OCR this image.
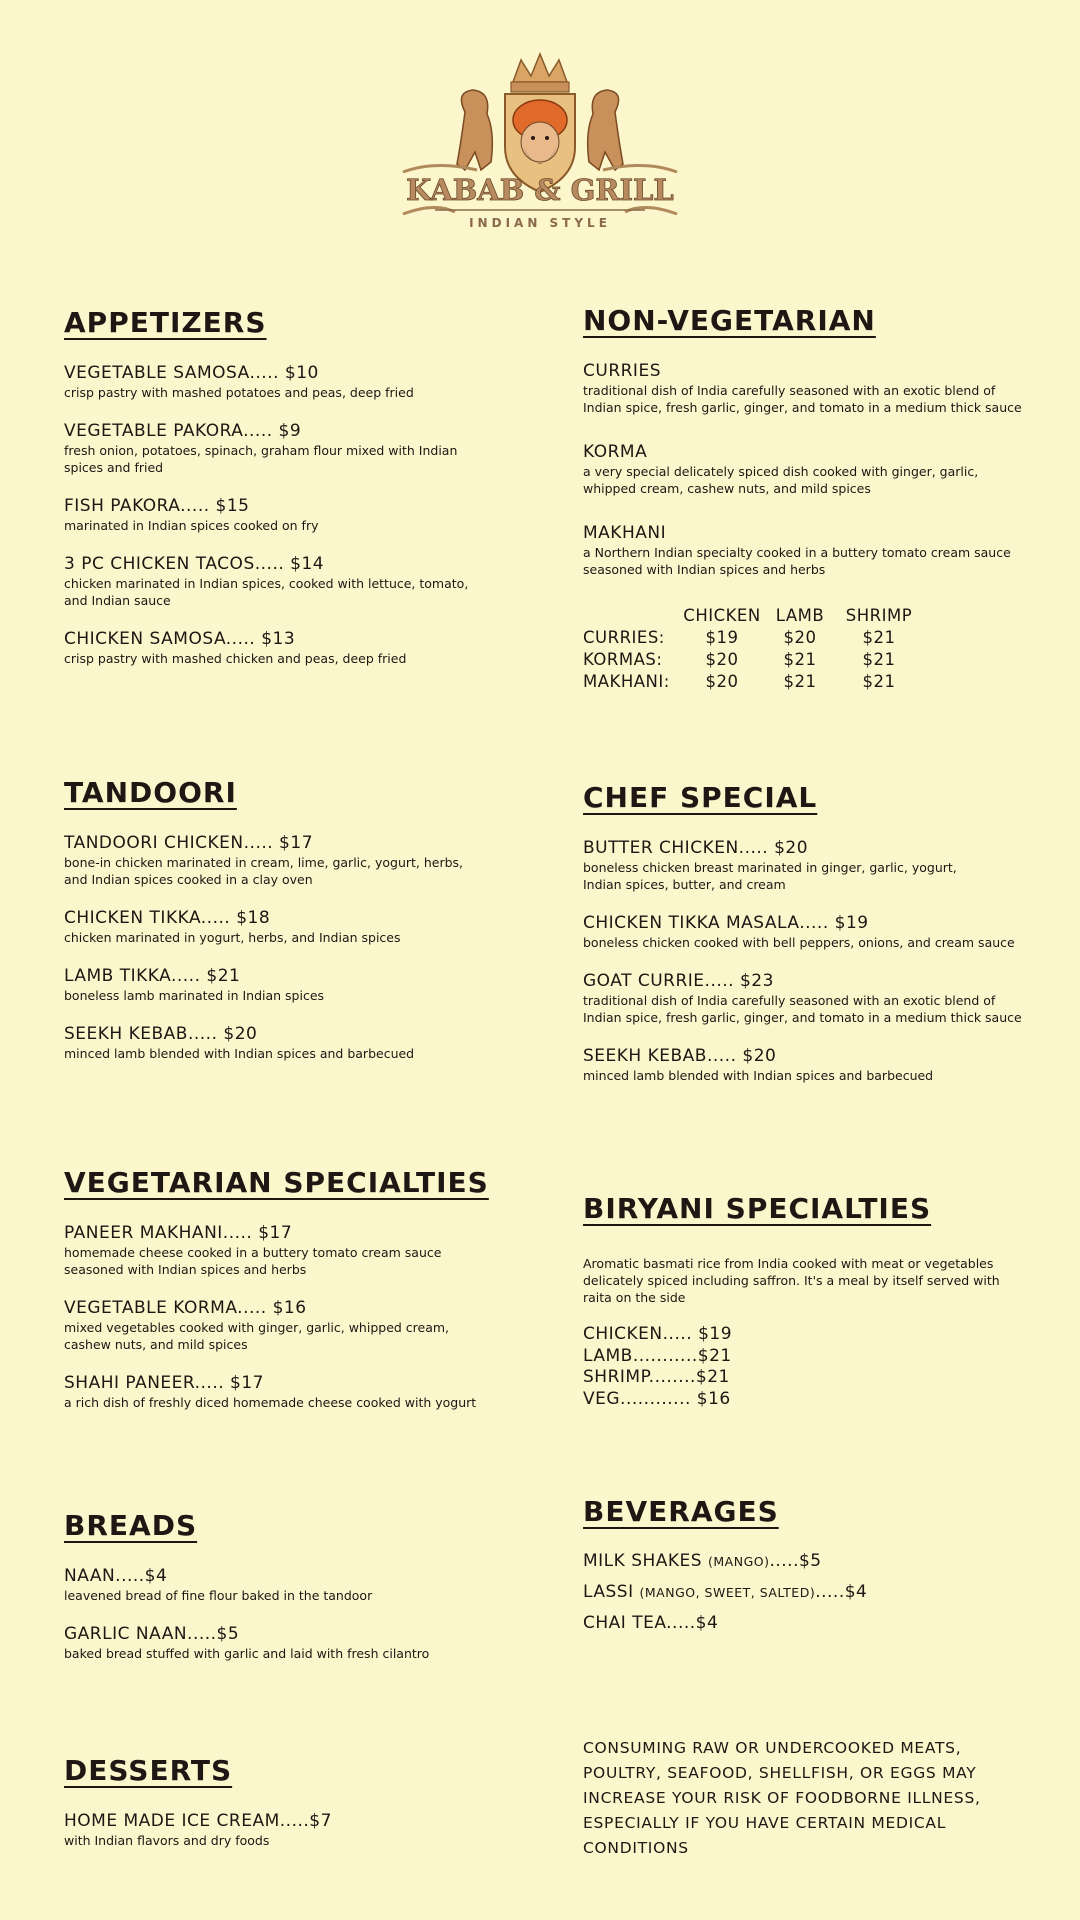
KABAB & GRILL
INDIAN STYLE
APPETIZERS
VEGETABLE SAMOSA..... $10
crisp pastry with mashed potatoes and peas, deep fried
VEGETABLE PAKORA..... $9
fresh onion, potatoes, spinach, graham flour mixed with Indian spices and fried
FISH PAKORA..... $15
marinated in Indian spices cooked on fry
3 PC CHICKEN TACOS..... $14
chicken marinated in Indian spices, cooked with lettuce, tomato, and Indian sauce
CHICKEN SAMOSA..... $13
crisp pastry with mashed chicken and peas, deep fried
NON-VEGETARIAN
CURRIES
traditional dish of India carefully seasoned with an exotic blend of Indian spice, fresh garlic, ginger, and tomato in a medium thick sauce
KORMA
a very special delicately spiced dish cooked with ginger, garlic, whipped cream, cashew nuts, and mild spices
MAKHANI
a Northern Indian specialty cooked in a buttery tomato cream sauce seasoned with Indian spices and herbs
	CHICKEN	LAMB	SHRIMP
CURRIES:	$19	$20	$21
KORMAS:	$20	$21	$21
MAKHANI:	$20	$21	$21
TANDOORI
TANDOORI CHICKEN..... $17
bone-in chicken marinated in cream, lime, garlic, yogurt, herbs, and Indian spices cooked in a clay oven
CHICKEN TIKKA..... $18
chicken marinated in yogurt, herbs, and Indian spices
LAMB TIKKA..... $21
boneless lamb marinated in Indian spices
SEEKH KEBAB..... $20
minced lamb blended with Indian spices and barbecued
CHEF SPECIAL
BUTTER CHICKEN..... $20
boneless chicken breast marinated in ginger, garlic, yogurt, Indian spices, butter, and cream
CHICKEN TIKKA MASALA..... $19
boneless chicken cooked with bell peppers, onions, and cream sauce
GOAT CURRIE..... $23
traditional dish of India carefully seasoned with an exotic blend of Indian spice, fresh garlic, ginger, and tomato in a medium thick sauce
SEEKH KEBAB..... $20
minced lamb blended with Indian spices and barbecued
VEGETARIAN SPECIALTIES
PANEER MAKHANI..... $17
homemade cheese cooked in a buttery tomato cream sauce seasoned with Indian spices and herbs
VEGETABLE KORMA..... $16
mixed vegetables cooked with ginger, garlic, whipped cream, cashew nuts, and mild spices
SHAHI PANEER..... $17
a rich dish of freshly diced homemade cheese cooked with yogurt
BIRYANI SPECIALTIES
Aromatic basmati rice from India cooked with meat or vegetables delicately spiced including saffron. It's a meal by itself served with raita on the side
CHICKEN..... $19
LAMB...........$21
SHRIMP........$21
VEG............ $16
BREADS
NAAN.....$4
leavened bread of fine flour baked in the tandoor
GARLIC NAAN.....$5
baked bread stuffed with garlic and laid with fresh cilantro
BEVERAGES
MILK SHAKES (MANGO).....$5
LASSI (MANGO, SWEET, SALTED).....$4
CHAI TEA.....$4
DESSERTS
HOME MADE ICE CREAM.....$7
with Indian flavors and dry foods
CONSUMING RAW OR UNDERCOOKED MEATS, POULTRY, SEAFOOD, SHELLFISH, OR EGGS MAY INCREASE YOUR RISK OF FOODBORNE ILLNESS, ESPECIALLY IF YOU HAVE CERTAIN MEDICAL CONDITIONS
